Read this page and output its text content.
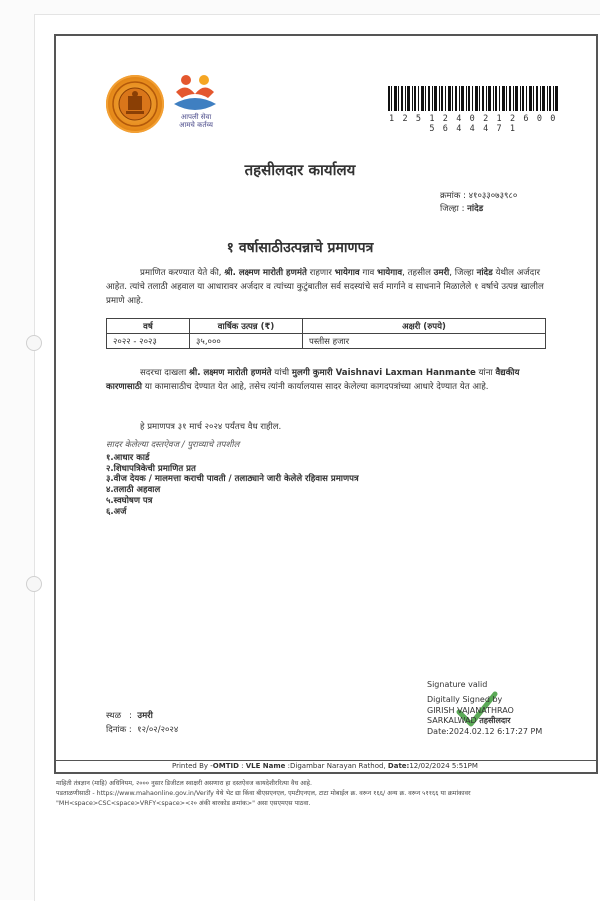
आपली सेवा
आमचे कर्तव्य
1 2 5 1 2 4 0 2 1 2 6 0 0 5 6 4 4 4 7 1
तहसीलदार कार्यालय
क्रमांक : ४१०३३०७३९८०
जिल्हा : नांदेड
१ वर्षासाठीउत्पन्नाचे प्रमाणपत्र
प्रमाणित करण्यात येते की, श्री. लक्ष्मण मारोती हणमंते राहणार भायेगाव गाव भायेगाव, तहसील उमरी, जिल्हा नांदेड येथील अर्जदार आहेत. त्यांचे तलाठी अहवाल या आधारावर अर्जदार व त्यांच्या कुटुंबातील सर्व सदस्यांचे सर्व मार्गाने व साधनाने मिळालेले १ वर्षाचे उत्पन्न खालील प्रमाणे आहे.
वर्ष	वार्षिक उत्पन्न (₹)	अक्षरी (रुपये)
२०२२ - २०२३	३५,०००	पस्तीस हजार
सदरचा दाखला श्री. लक्ष्मण मारोती हणमंते यांची मुलगी कुमारी Vaishnavi Laxman Hanmante यांना वैद्यकीय कारणासाठी या कामासाठीच देण्यात येत आहे, तसेच त्यांनी कार्यालयास सादर केलेल्या कागदपत्रांच्या आधारे देण्यात येत आहे.
हे प्रमाणपत्र ३१ मार्च २०२४ पर्यंतच वैध राहील.
सादर केलेल्या दस्तऐवज / पुराव्याचे तपशील
१.आधार कार्ड
२.शिधापत्रिकेची प्रमाणित प्रत
३.वीज देयक / मालमत्ता कराची पावती / तलाठ्याने जारी केलेले रहिवास प्रमाणपत्र
४.तलाठी अहवाल
५.स्वघोषण पत्र
६.अर्ज
Signature valid
Digitally Signed by
GIRISH VAJANATHRAO
SARKALWAD तहसीलदार
Date:2024.02.12 6:17:27 PM
स्थळ   :  उमरी
दिनांक :  १२/०२/२०२४
Printed By -OMTID : VLE Name :Digambar Narayan Rathod, Date:12/02/2024 5:51PM
माहिती तंत्रज्ञान (माहि) अधिनियम, २००० नुसार डिजीटल स्वाक्षरी असणारा हा दस्तऐवज कायदेशीररित्या वैध आहे.
पडताळणीसाठी - https://www.mahaonline.gov.in/Verify येथे भेट द्या किंवा बीएसएनएल, एमटीएनएल, टाटा मोबाईल क्र. वरून १६६/ अन्य क्र. वरून ५११६६ या क्रमांकावर
"MH<space>CSC<space>VRFY<space><२० अंकी बारकोड क्रमांक>" असा एसएमएस पाठवा.
